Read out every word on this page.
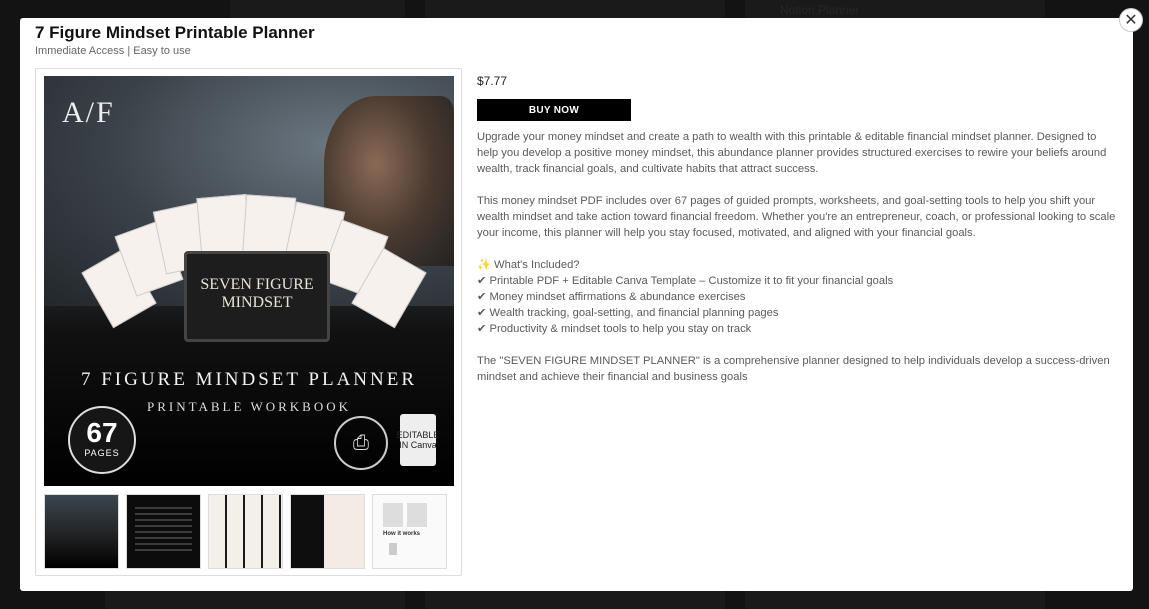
✕
7 Figure Mindset Printable Planner
Immediate Access | Easy to use
A/F
SEVEN FIGURE
MINDSET
7 FIGURE MINDSET PLANNER
PRINTABLE WORKBOOK
67
PAGES	⎙	EDITABLE IN Canva
How it works
$7.77
BUY NOW

Upgrade your money mindset and create a path to wealth with this printable & editable financial mindset planner. Designed to help you develop a positive money mindset, this abundance planner provides structured exercises to rewire your beliefs around wealth, track financial goals, and cultivate habits that attract success.

This money mindset PDF includes over 67 pages of guided prompts, worksheets, and goal-setting tools to help you shift your wealth mindset and take action toward financial freedom. Whether you're an entrepreneur, coach, or professional looking to scale your income, this planner will help you stay focused, motivated, and aligned with your financial goals.

✨ What's Included?
✔ Printable PDF + Editable Canva Template – Customize it to fit your financial goals
✔ Money mindset affirmations & abundance exercises
✔ Wealth tracking, goal-setting, and financial planning pages
✔ Productivity & mindset tools to help you stay on track

The "SEVEN FIGURE MINDSET PLANNER" is a comprehensive planner designed to help individuals develop a success-driven mindset and achieve their financial and business goals
